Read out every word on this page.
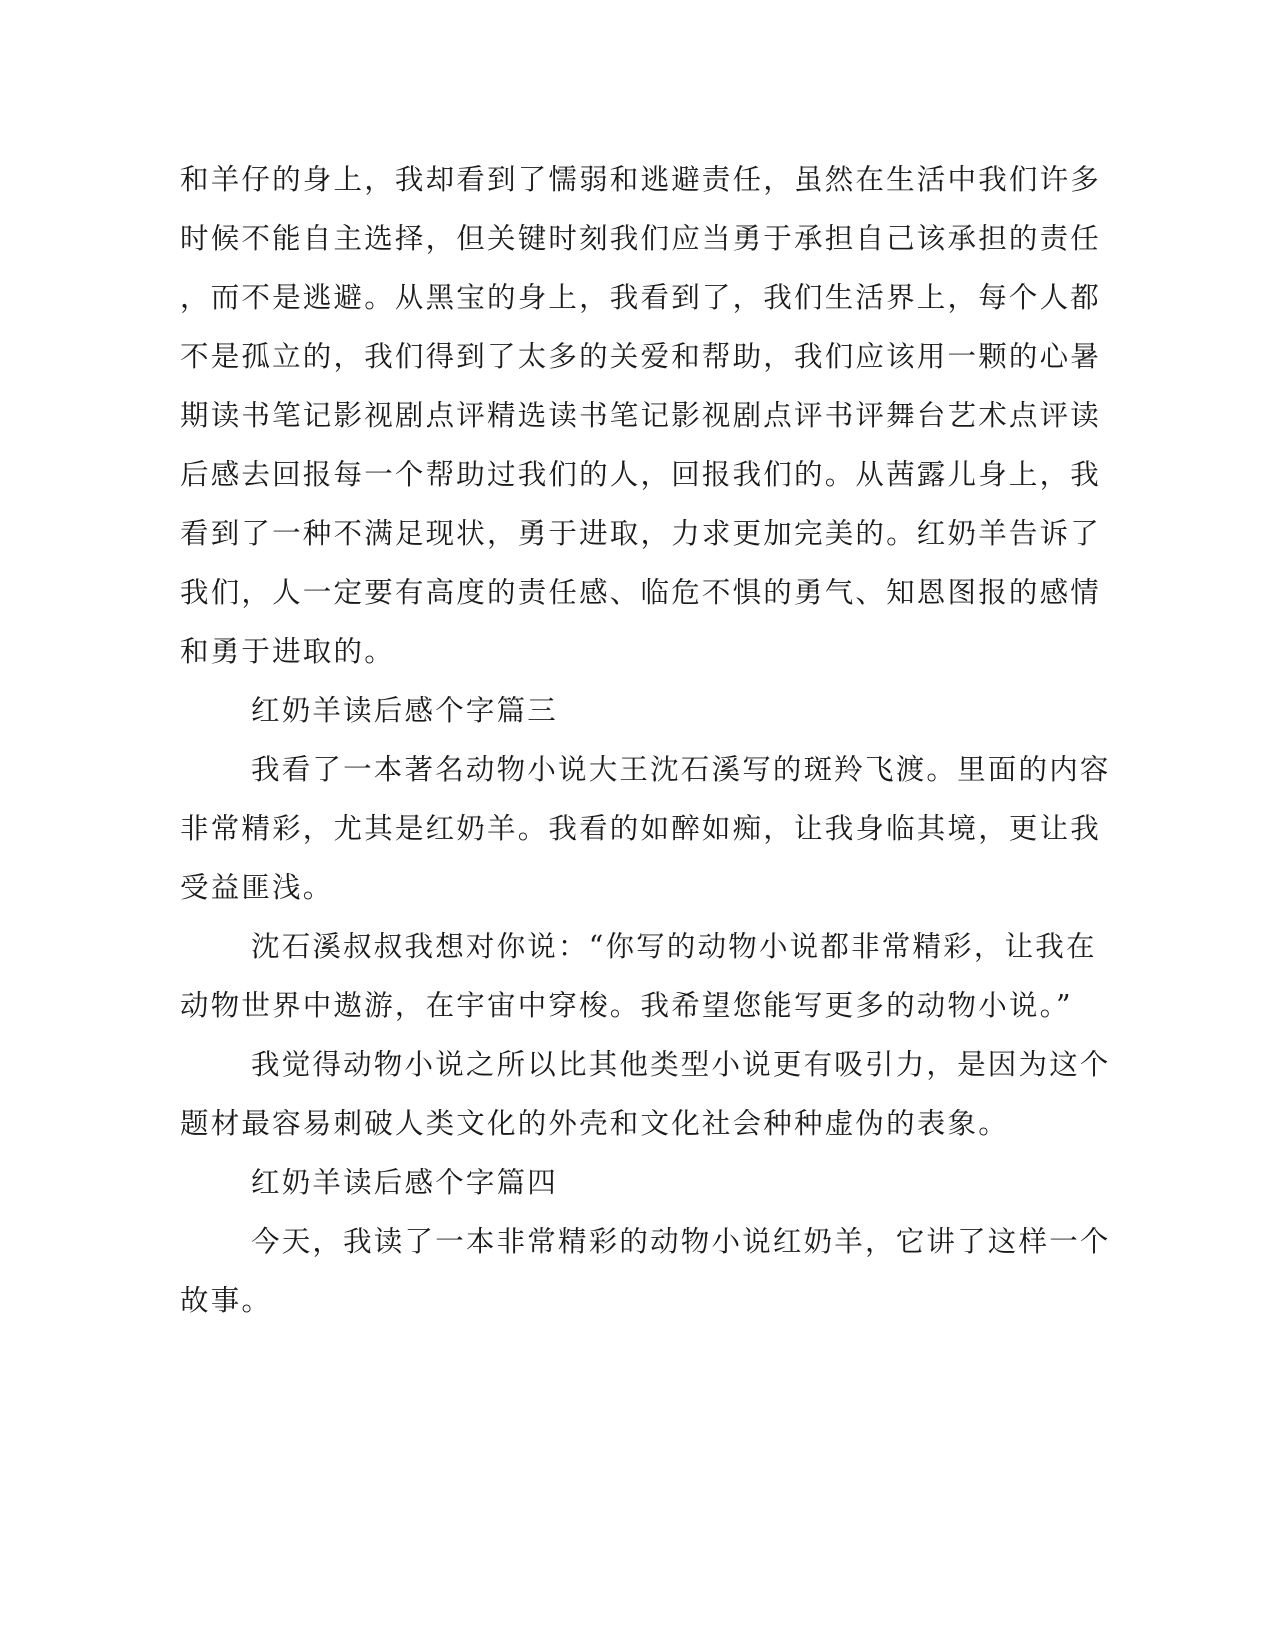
和羊仔的身上，我却看到了懦弱和逃避责任，虽然在生活中我们许多
时候不能自主选择，但关键时刻我们应当勇于承担自己该承担的责任
，而不是逃避。从黑宝的身上，我看到了，我们生活界上，每个人都
不是孤立的，我们得到了太多的关爱和帮助，我们应该用一颗的心暑
期读书笔记影视剧点评精选读书笔记影视剧点评书评舞台艺术点评读
后感去回报每一个帮助过我们的人，回报我们的。从茜露儿身上，我
看到了一种不满足现状，勇于进取，力求更加完美的。红奶羊告诉了
我们，人一定要有高度的责任感、临危不惧的勇气、知恩图报的感情
和勇于进取的。
红奶羊读后感个字篇三
我看了一本著名动物小说大王沈石溪写的斑羚飞渡。里面的内容
非常精彩，尤其是红奶羊。我看的如醉如痴，让我身临其境，更让我
受益匪浅。
沈石溪叔叔我想对你说：“你写的动物小说都非常精彩，让我在
动物世界中遨游，在宇宙中穿梭。我希望您能写更多的动物小说。”
我觉得动物小说之所以比其他类型小说更有吸引力，是因为这个
题材最容易刺破人类文化的外壳和文化社会种种虚伪的表象。
红奶羊读后感个字篇四
今天，我读了一本非常精彩的动物小说红奶羊，它讲了这样一个
故事。
